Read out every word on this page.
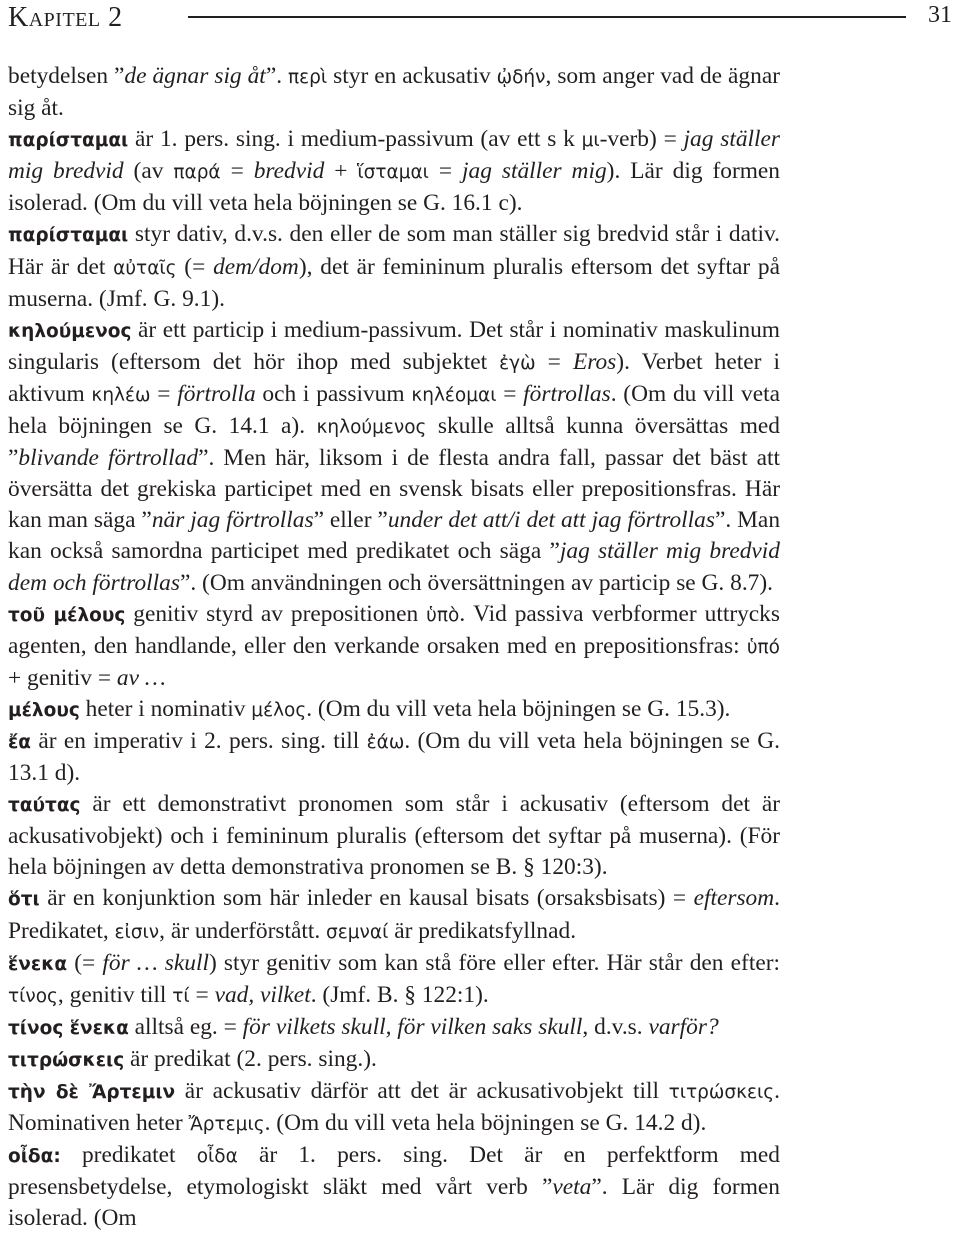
Kapitel 2	31

betydelsen ”de ägnar sig åt”. περὶ styr en ackusativ ᾠδήν, som anger vad de ägnar sig åt.

παρίσταμαι är 1. pers. sing. i medium-passivum (av ett s k μι-verb) = jag ställer mig bredvid (av παρά = bredvid + ἵσταμαι = jag ställer mig). Lär dig formen isolerad. (Om du vill veta hela böjningen se G. 16.1 c).

παρίσταμαι styr dativ, d.v.s. den eller de som man ställer sig bredvid står i dativ. Här är det αὐταῖς (= dem/dom), det är femininum pluralis eftersom det syftar på muserna. (Jmf. G. 9.1).

κηλούμενος är ett particip i medium-passivum. Det står i nominativ maskulinum singularis (eftersom det hör ihop med subjektet ἐγὼ = Eros). Verbet heter i aktivum κηλέω = förtrolla och i passivum κηλέομαι = förtrollas. (Om du vill veta hela böjningen se G. 14.1 a). κηλούμενος skulle alltså kunna översättas med ”blivande förtrollad”. Men här, liksom i de flesta andra fall, passar det bäst att översätta det grekiska participet med en svensk bisats eller prepositionsfras. Här kan man säga ”när jag förtrollas” eller ”under det att/i det att jag förtrollas”. Man kan också samordna participet med predikatet och säga ”jag ställer mig bredvid dem och förtrollas”. (Om användningen och översättningen av particip se G. 8.7).

τοῦ μέλους genitiv styrd av prepositionen ὑπὸ. Vid passiva verbformer uttrycks agenten, den handlande, eller den verkande orsaken med en prepositionsfras: ὑπό + genitiv = av …

μέλους heter i nominativ μέλος. (Om du vill veta hela böjningen se G. 15.3).

ἔα är en imperativ i 2. pers. sing. till ἐάω. (Om du vill veta hela böjningen se G. 13.1 d).

ταύτας är ett demonstrativt pronomen som står i ackusativ (eftersom det är ackusativobjekt) och i femininum pluralis (eftersom det syftar på muserna). (För hela böjningen av detta demonstrativa pronomen se B. § 120:3).

ὅτι är en konjunktion som här inleder en kausal bisats (orsaksbisats) = eftersom. Predikatet, εἰσιν, är underförstått. σεμναί är predikatsfyllnad.

ἕνεκα (= för … skull) styr genitiv som kan stå före eller efter. Här står den efter: τίνος, genitiv till τί = vad, vilket. (Jmf. B. § 122:1).

τίνος ἕνεκα alltså eg. = för vilkets skull, för vilken saks skull, d.v.s. varför?

τιτρώσκεις är predikat (2. pers. sing.).

τὴν δὲ Ἄρτεμιν är ackusativ därför att det är ackusativobjekt till τιτρώσκεις. Nominativen heter Ἄρτεμις. (Om du vill veta hela böjningen se G. 14.2 d).

οἶδα: predikatet οἶδα är 1. pers. sing. Det är en perfektform med presensbetydelse, etymologiskt släkt med vårt verb ”veta”. Lär dig formen isolerad. (Om
